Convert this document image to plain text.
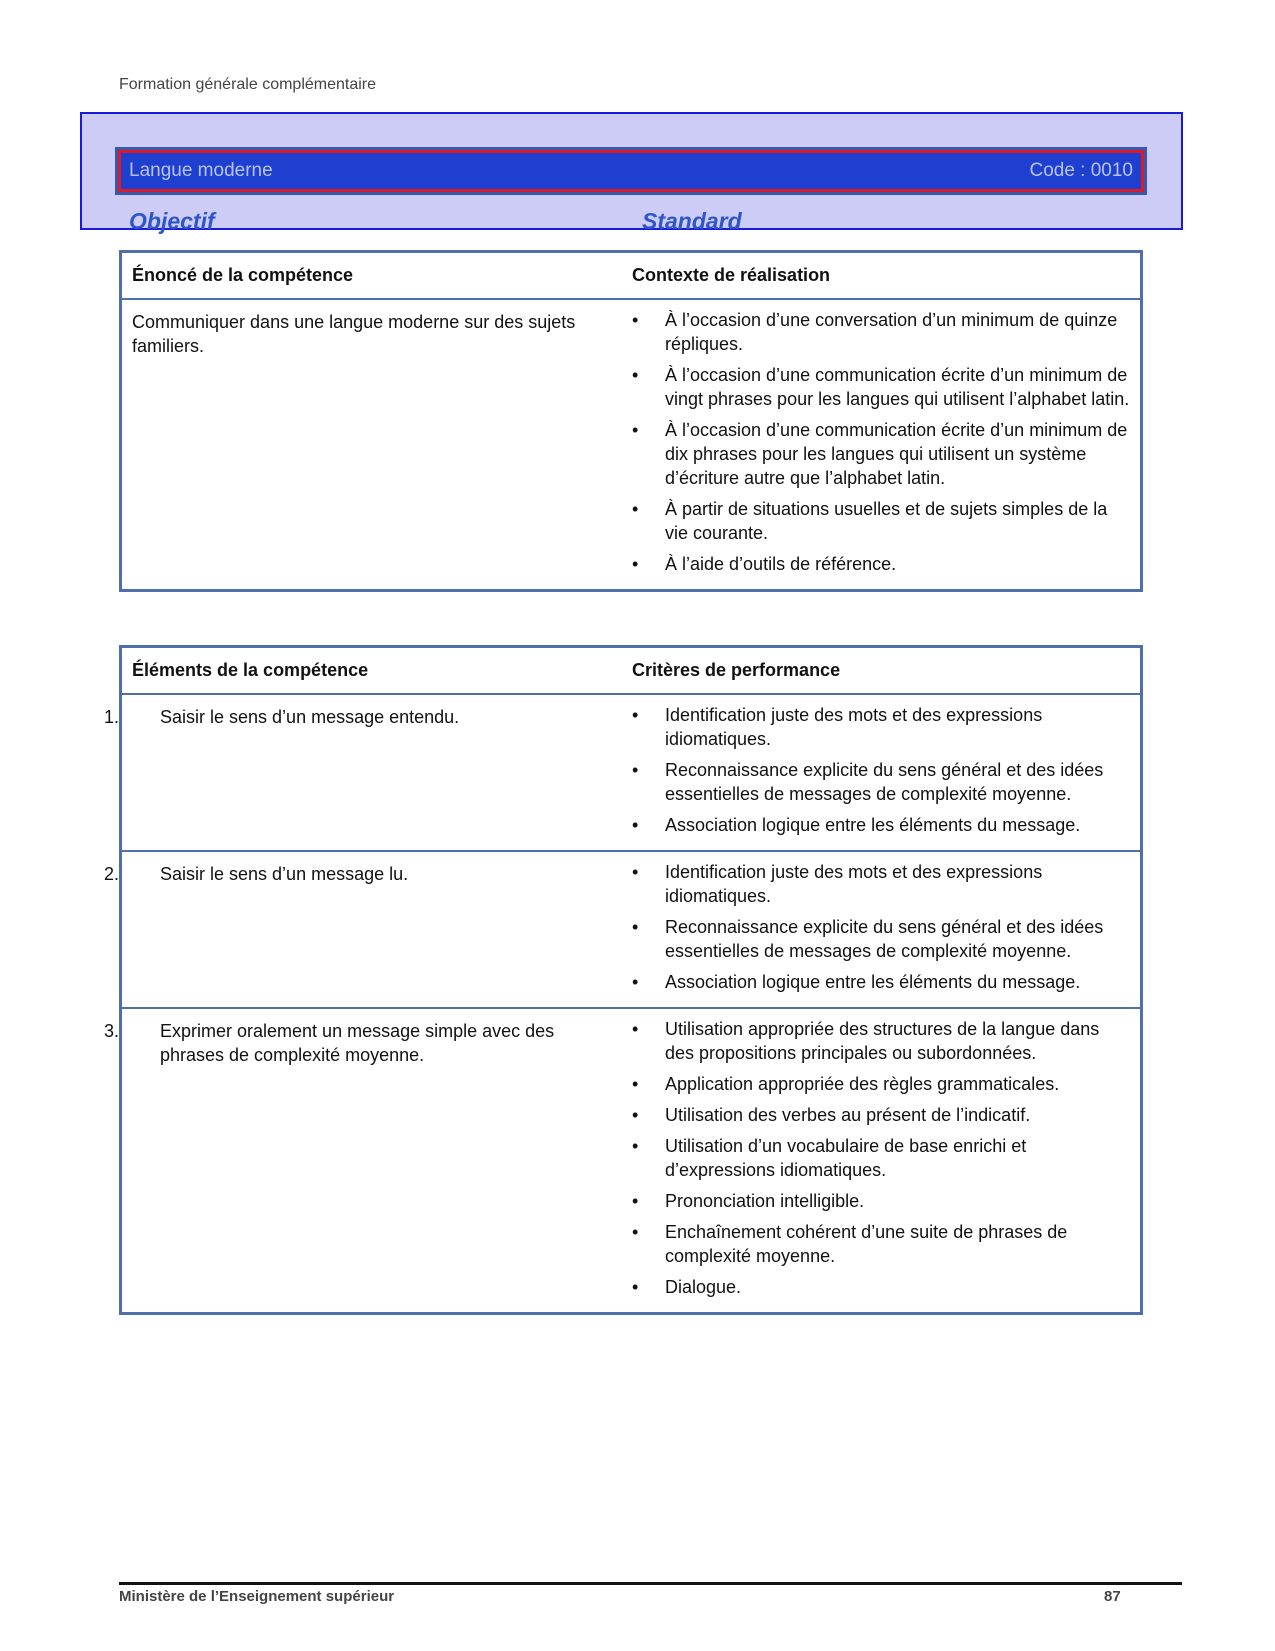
Formation générale complémentaire
Langue moderne	Code : 0010
Objectif	Standard
Énoncé de la compétence	Contexte de réalisation
Communiquer dans une langue moderne sur des sujets familiers.
• À l’occasion d’une conversation d’un minimum de quinze répliques.
• À l’occasion d’une communication écrite d’un minimum de vingt phrases pour les langues qui utilisent l’alphabet latin.
• À l’occasion d’une communication écrite d’un minimum de dix phrases pour les langues qui utilisent un système d’écriture autre que l’alphabet latin.
• À partir de situations usuelles et de sujets simples de la vie courante.
• À l’aide d’outils de référence.
Éléments de la compétence	Critères de performance
1. Saisir le sens d’un message entendu.	• Identification juste des mots et des expressions idiomatiques.
• Reconnaissance explicite du sens général et des idées essentielles de messages de complexité moyenne.
• Association logique entre les éléments du message.
2. Saisir le sens d’un message lu.	• Identification juste des mots et des expressions idiomatiques.
• Reconnaissance explicite du sens général et des idées essentielles de messages de complexité moyenne.
• Association logique entre les éléments du message.
3. Exprimer oralement un message simple avec des phrases de complexité moyenne.
• Utilisation appropriée des structures de la langue dans des propositions principales ou subordonnées.
• Application appropriée des règles grammaticales.
• Utilisation des verbes au présent de l’indicatif.
• Utilisation d’un vocabulaire de base enrichi et d’expressions idiomatiques.
• Prononciation intelligible.
• Enchaînement cohérent d’une suite de phrases de complexité moyenne.
• Dialogue.
Ministère de l’Enseignement supérieur	87
